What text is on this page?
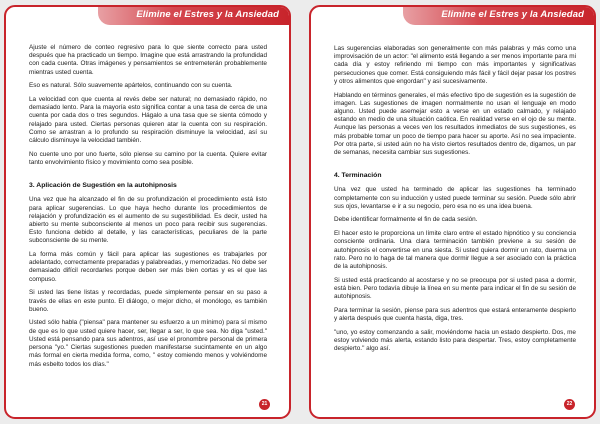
Elimine el Estres y la Ansiedad

Ajuste el número de conteo regresivo para lo que siente correcto para usted después que ha practicado un tiempo. Imagine que está arrastrando la profundidad con cada cuenta. Otras imágenes y pensamientos se entremeterán probablemente mientras usted cuenta.

Eso es natural. Sólo suavemente apártelos, continuando con su cuenta.

La velocidad con que cuenta al revés debe ser natural; no demasiado rápido, no demasiado lento. Para la mayoría esto significa contar a una tasa de cerca de una cuenta por cada dos o tres segundos. Hágalo a una tasa que se sienta cómodo y relajado para usted. Ciertas personas quieren atar la cuenta con su respiración. Como se arrastran a lo profundo su respiración disminuye la velocidad, así su cálculo disminuye la velocidad también.

No cuente uno por uno fuerte, sólo piense su camino por la cuenta. Quiere evitar tanto envolvimiento físico y movimiento como sea posible.

3. Aplicación de Sugestión en la autohipnosis

Una vez que ha alcanzado el fin de su profundización el procedimiento está listo para aplicar sugerencias. Lo que haya hecho durante los procedimientos de relajación y profundización es el aumento de su sugestibilidad. Es decir, usted ha abierto su mente subconsciente al menos un poco para recibir sus sugerencias. Esto funciona debido al detalle, y las características, peculiares de la parte subconsciente de su mente.

La forma más común y fácil para aplicar las sugestiones es trabajarles por adelantado, correctamente preparadas y palabreadas, y memorizadas. No debe ser demasiado difícil recordarles porque deben ser más bien cortas y es el que las compuso.

Si usted las tiene listas y recordadas, puede simplemente pensar en su paso a través de ellas en este punto. El diálogo, o mejor dicho, el monólogo, es también bueno.

Usted sólo habla ("piensa" para mantener su esfuerzo a un mínimo) para sí mismo de que es lo que usted quiere hacer, ser, llegar a ser, lo que sea. No diga "usted." Usted está pensando para sus adentros, así use el pronombre personal de primera persona "yo." Ciertas sugestiones pueden manifestarse sucintamente en un algo más formal en cierta medida forma, como, " estoy comiendo menos y volviéndome más esbelto todos los días."

21
Elimine el Estres y la Ansiedad

Las sugerencias elaboradas son generalmente con más palabras y más como una improvisación de un actor: "el alimento está llegando a ser menos importante para mi cada día y estoy refiriendo mi tiempo con más importantes y significativas persecuciones que comer. Está consiguiendo más fácil y fácil dejar pasar los postres y otros alimentos que engordan" y así sucesivamente.

Hablando en términos generales, el más efectivo tipo de sugestión es la sugestión de imagen. Las sugestiones de imagen normalmente no usan el lenguaje en modo alguno. Usted puede asemejar esto a verse en un estado calmado, y relajado estando en medio de una situación caótica. En realidad verse en el ojo de su mente. Aunque las personas a veces ven los resultados inmediatos de sus sugestiones, es más probable tomar un poco de tiempo para hacer su aporte. Así no sea impaciente. Por otra parte, si usted aún no ha visto ciertos resultados dentro de, digamos, un par de semanas, necesita cambiar sus sugestiones.

4. Terminación

Una vez que usted ha terminado de aplicar las sugestiones ha terminado completamente con su inducción y usted puede terminar su sesión. Puede sólo abrir sus ojos, levantarse e ir a su negocio, pero esa no es una idea buena.

Debe identificar formalmente el fin de cada sesión.

El hacer esto le proporciona un límite claro entre el estado hipnótico y su conciencia consciente ordinaria. Una clara terminación también previene a su sesión de autohipnosis el convertirse en una siesta. Si usted quiera dormir un rato, duerma un rato. Pero no lo haga de tal manera que dormir llegue a ser asociado con la práctica de la autohipnosis.

Si usted está practicando al acostarse y no se preocupa por si usted pasa a dormir, está bien. Pero todavía dibuje la línea en su mente para indicar el fin de su sesión de autohipnosis.

Para terminar la sesión, piense para sus adentros que estará enteramente despierto y alerta después que cuenta hasta, diga, tres.

"uno, yo estoy comenzando a salir, moviéndome hacia un estado despierto. Dos, me estoy volviendo más alerta, estando listo para despertar. Tres, estoy completamente despierto." algo así.

22
